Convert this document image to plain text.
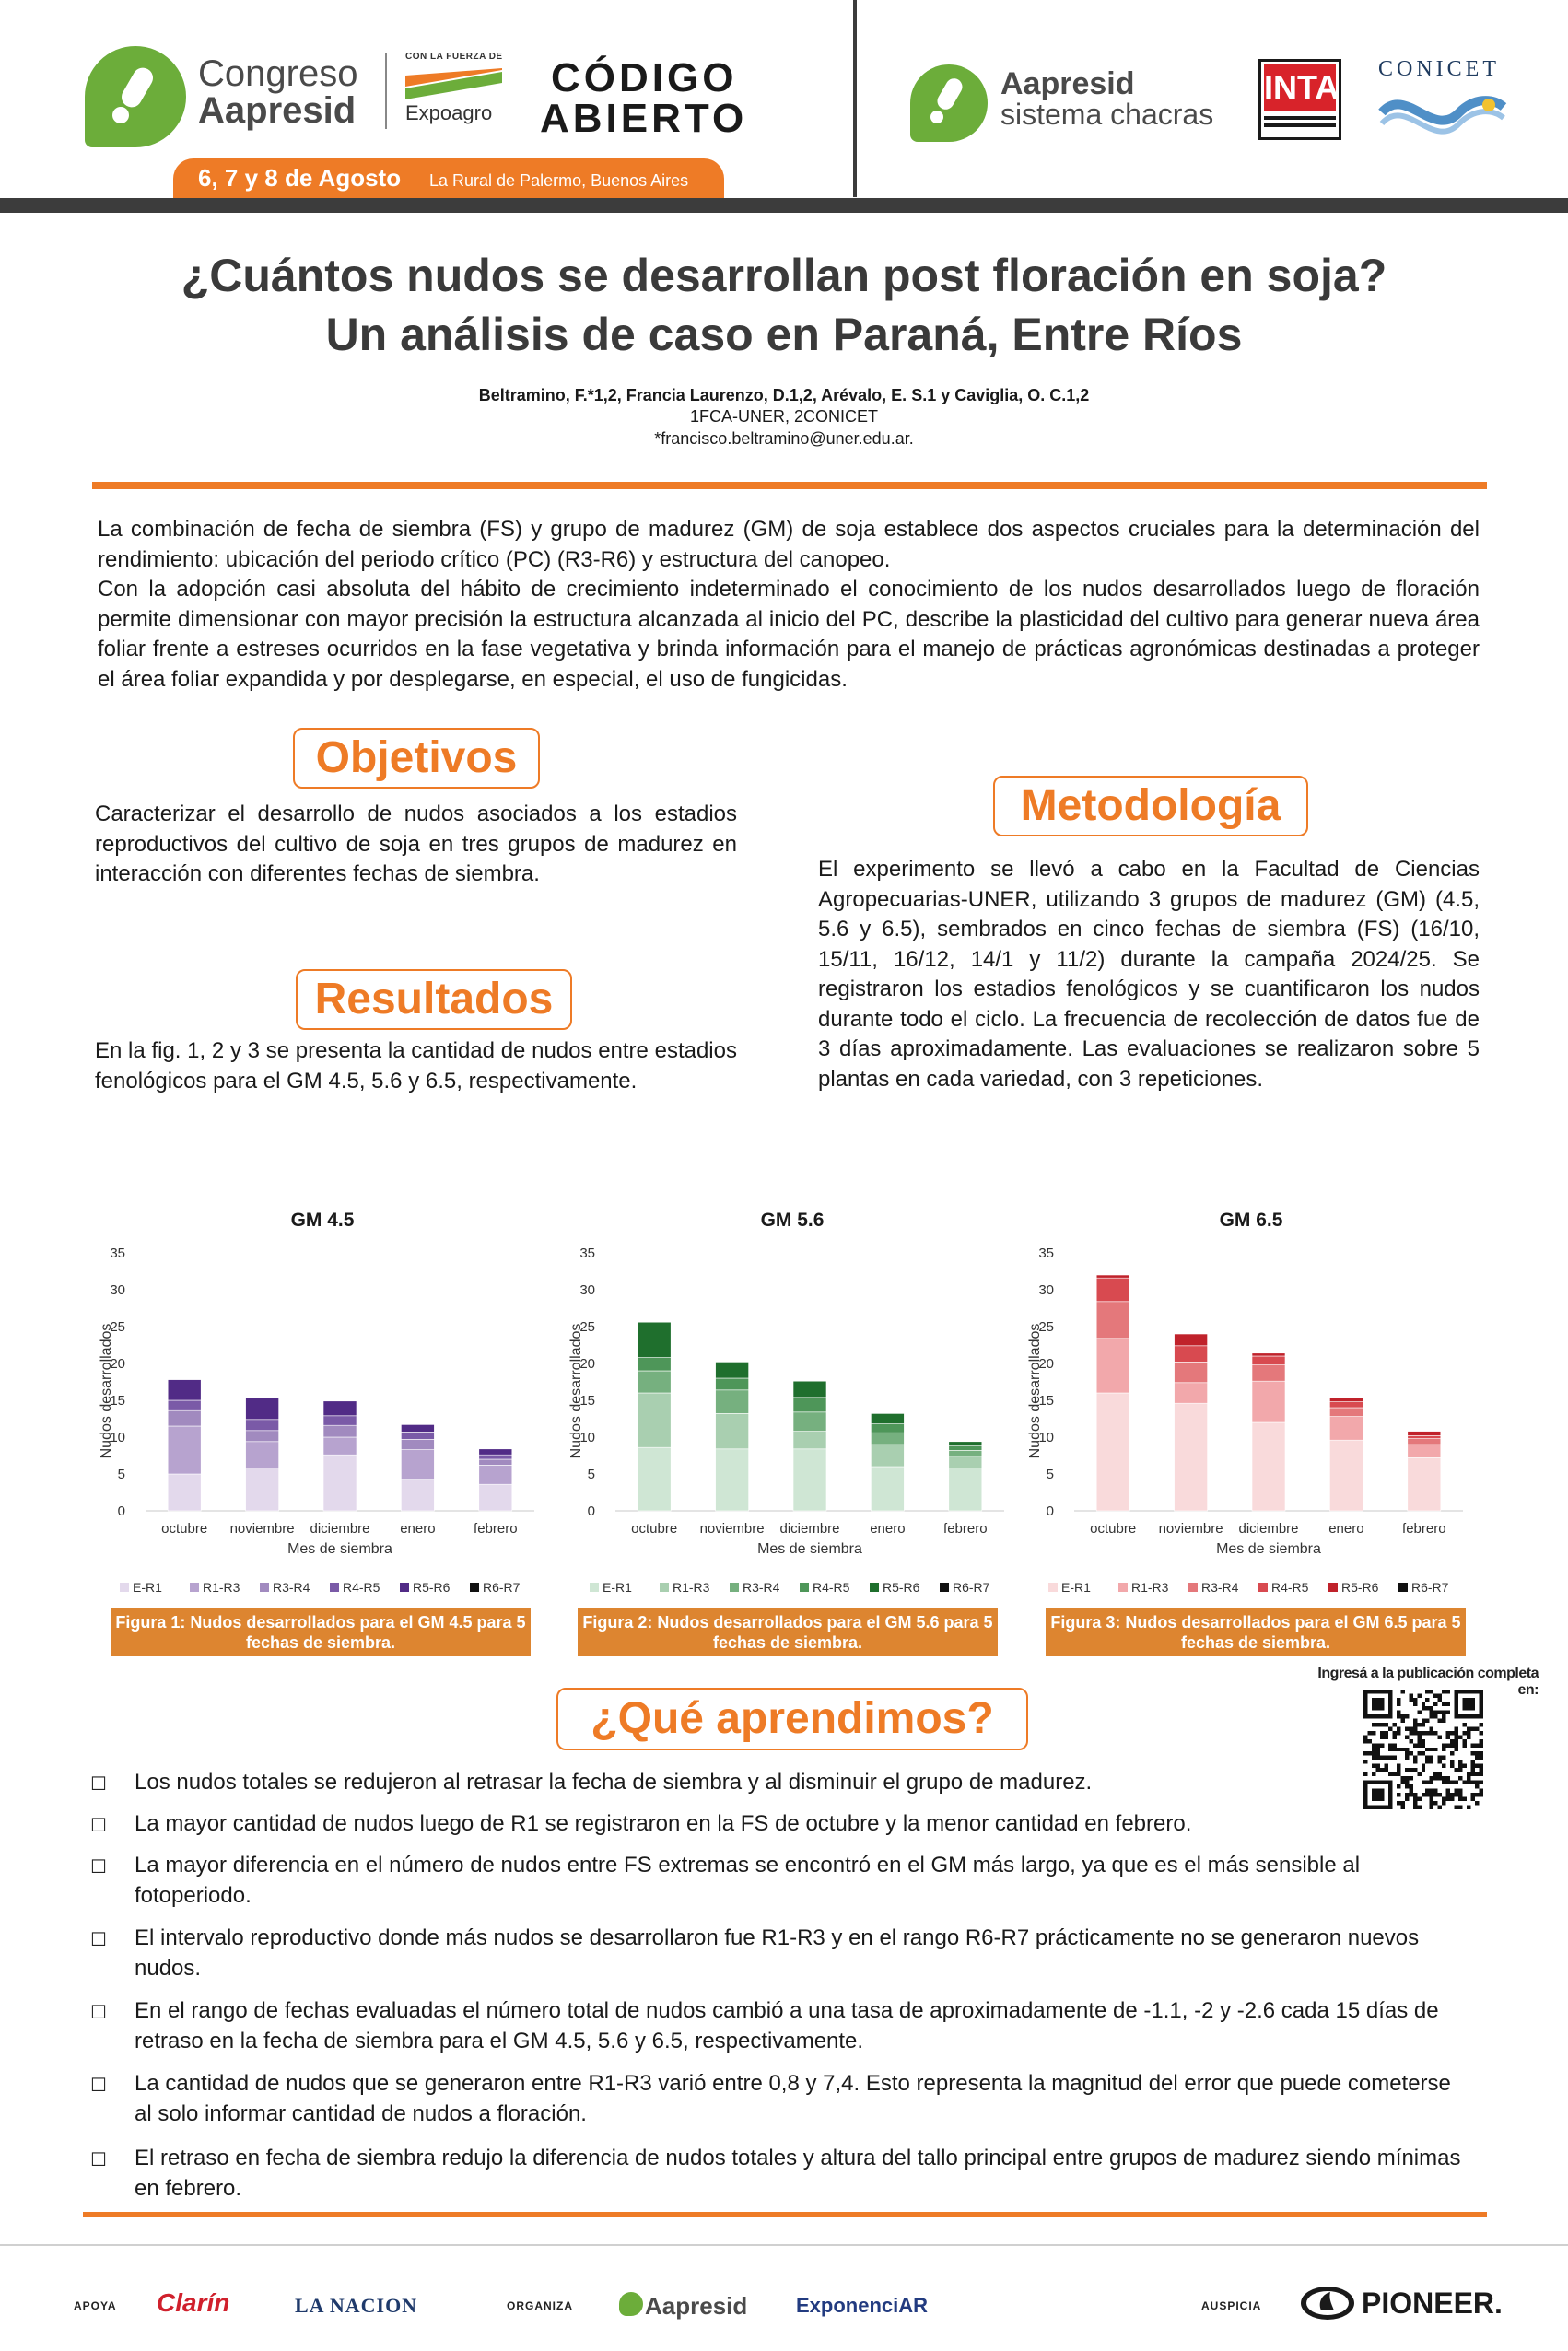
Congreso
Aapresid
CON LA FUERZA DE
Expoagro
CÓDIGO
ABIERTO
6, 7 y 8 de Agosto La Rural de Palermo, Buenos Aires
Aapresid
sistema chacras
INTA CONICET
¿Cuántos nudos se desarrollan post floración en soja?
Un análisis de caso en Paraná, Entre Ríos
Beltramino, F.*1,2, Francia Laurenzo, D.1,2, Arévalo, E. S.1 y Caviglia, O. C.1,2
1FCA-UNER, 2CONICET
*francisco.beltramino@uner.edu.ar.
La combinación de fecha de siembra (FS) y grupo de madurez (GM) de soja establece dos aspectos cruciales para la determinación del rendimiento: ubicación del periodo crítico (PC) (R3-R6) y estructura del canopeo.
Con la adopción casi absoluta del hábito de crecimiento indeterminado el conocimiento de los nudos desarrollados luego de floración permite dimensionar con mayor precisión la estructura alcanzada al inicio del PC, describe la plasticidad del cultivo para generar nueva área foliar frente a estreses ocurridos en la fase vegetativa y brinda información para el manejo de prácticas agronómicas destinadas a proteger el área foliar expandida y por desplegarse, en especial, el uso de fungicidas.
Objetivos
Caracterizar el desarrollo de nudos asociados a los estadios reproductivos del cultivo de soja en tres grupos de madurez en interacción con diferentes fechas de siembra.
Resultados
En la fig. 1, 2 y 3 se presenta la cantidad de nudos entre estadios fenológicos para el GM 4.5, 5.6 y 6.5, respectivamente.
Metodología
El experimento se llevó a cabo en la Facultad de Ciencias Agropecuarias-UNER, utilizando 3 grupos de madurez (GM) (4.5, 5.6 y 6.5), sembrados en cinco fechas de siembra (FS) (16/10, 15/11, 16/12, 14/1 y 11/2) durante la campaña 2024/25. Se registraron los estadios fenológicos y se cuantificaron los nudos durante todo el ciclo. La frecuencia de recolección de datos fue de 3 días aproximadamente. Las evaluaciones se realizaron sobre 5 plantas en cada variedad, con 3 repeticiones.
GM 4.5	GM 5.6	GM 6.5
0
5
10
15
20
25
30
35
Nudos desarrollados
octubre noviembre diciembre enero	febrero
Mes de siembra
E-R1	R1-R3	R3-R4	R4-R5	R5-R6	R6-R7
0
5
10
15
20
25
30
35
Nudos desarrollados
octubre noviembre diciembre enero	febrero
Mes de siembra
E-R1	R1-R3	R3-R4	R4-R5	R5-R6	R6-R7
0
5
10
15
20
25
30
35
Nudos desarrollados
octubre noviembre diciembre enero	febrero
Mes de siembra
E-R1	R1-R3	R3-R4	R4-R5	R5-R6	R6-R7
Figura 1: Nudos desarrollados para el GM 4.5 para 5 fechas de siembra.
Figura 2: Nudos desarrollados para el GM 5.6 para 5 fechas de siembra.
Figura 3: Nudos desarrollados para el GM 6.5 para 5 fechas de siembra.
Ingresá a la publicación completa en:
¿Qué aprendimos?
☐ Los nudos totales se redujeron al retrasar la fecha de siembra y al disminuir el grupo de madurez.
☐ La mayor cantidad de nudos luego de R1 se registraron en la FS de octubre y la menor cantidad en febrero.
☐ La mayor diferencia en el número de nudos entre FS extremas se encontró en el GM más largo, ya que es el más sensible al fotoperiodo.
☐ El intervalo reproductivo donde más nudos se desarrollaron fue R1-R3 y en el rango R6-R7 prácticamente no se generaron nuevos nudos.
☐ En el rango de fechas evaluadas el número total de nudos cambió a una tasa de aproximadamente de -1.1, -2 y -2.6 cada 15 días de retraso en la fecha de siembra para el GM 4.5, 5.6 y 6.5, respectivamente.
☐ La cantidad de nudos que se generaron entre R1-R3 varió entre 0,8 y 7,4. Esto representa la magnitud del error que puede cometerse al solo informar cantidad de nudos a floración.
☐ El retraso en fecha de siembra redujo la diferencia de nudos totales y altura del tallo principal entre grupos de madurez siendo mínimas en febrero.
APOYA Clarín	LA NACION	ORGANIZA	Aapresid ExponenciAR	AUSPICIA	PIONEER.
